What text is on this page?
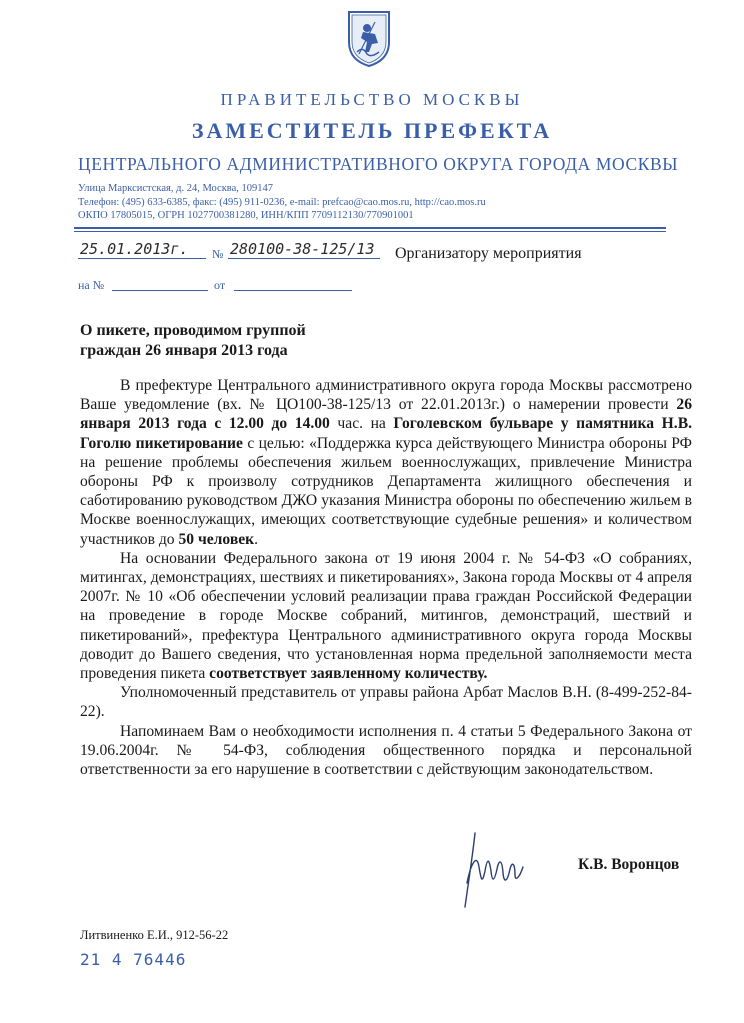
ПРАВИТЕЛЬСТВО МОСКВЫ
ЗАМЕСТИТЕЛЬ ПРЕФЕКТА
ЦЕНТРАЛЬНОГО АДМИНИСТРАТИВНОГО ОКРУГА ГОРОДА МОСКВЫ
Улица Марксистская, д. 24, Москва, 109147
Телефон: (495) 633-6385, факс: (495) 911-0236, e-mail: prefcao@cao.mos.ru, http://cao.mos.ru
ОКПО 17805015, ОГРН 1027700381280, ИНН/КПП 7709112130/770901001
25.01.2013г. № 280100-38-125/13 Организатору мероприятия
на №	от
О пикете, проводимом группой
граждан 26 января 2013 года

В префектуре Центрального административного округа города Москвы рассмотрено Ваше уведомление (вх. № ЦО100-38-125/13 от 22.01.2013г.) о намерении провести 26 января 2013 года с 12.00 до 14.00 час. на Гоголевском бульваре у памятника Н.В. Гоголю пикетирование с целью: «Поддержка курса действующего Министра обороны РФ на решение проблемы обеспечения жильем военнослужащих, привлечение Министра обороны РФ к произволу сотрудников Департамента жилищного обеспечения и саботированию руководством ДЖО указания Министра обороны по обеспечению жильем в Москве военнослужащих, имеющих соответствующие судебные решения» и количеством участников до 50 человек.

На основании Федерального закона от 19 июня 2004 г. № 54-ФЗ «О собраниях, митингах, демонстрациях, шествиях и пикетированиях», Закона города Москвы от 4 апреля 2007г. № 10 «Об обеспечении условий реализации права граждан Российской Федерации на проведение в городе Москве собраний, митингов, демонстраций, шествий и пикетирований», префектура Центрального административного округа города Москвы доводит до Вашего сведения, что установленная норма предельной заполняемости места проведения пикета соответствует заявленному количеству.

Уполномоченный представитель от управы района Арбат Маслов В.Н. (8-499-252-84-22).

Напоминаем Вам о необходимости исполнения п. 4 статьи 5 Федерального Закона от 19.06.2004г. № 54-ФЗ, соблюдения общественного порядка и персональной ответственности за его нарушение в соответствии с действующим законодательством.

К.В. Воронцов
Литвиненко Е.И., 912-56-22
21 4 76446
